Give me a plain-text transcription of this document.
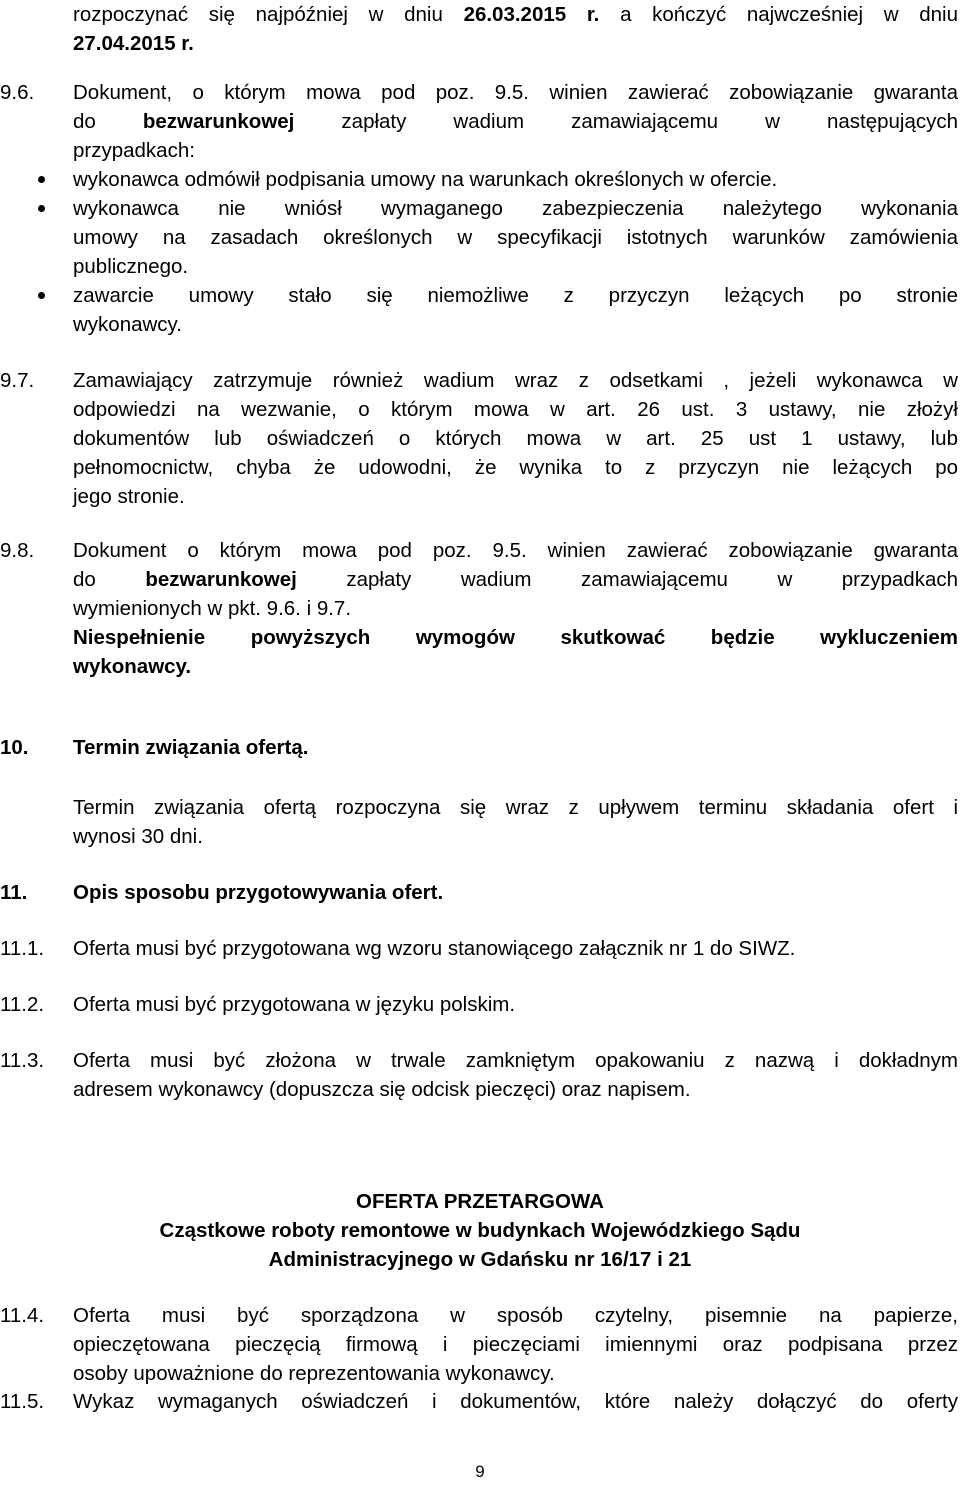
rozpoczynać się najpóźniej w dniu 26.03.2015 r. a kończyć najwcześniej w dniu
27.04.2015 r.
9.6. Dokument, o którym mowa pod poz. 9.5. winien zawierać zobowiązanie gwaranta
do bezwarunkowej zapłaty wadium zamawiającemu w następujących
przypadkach:
wykonawca odmówił podpisania umowy na warunkach określonych w ofercie.
wykonawca nie wniósł wymaganego zabezpieczenia należytego wykonania
umowy na zasadach określonych w specyfikacji istotnych warunków zamówienia
publicznego.
zawarcie umowy stało się niemożliwe z przyczyn leżących po stronie
wykonawcy.
9.7. Zamawiający zatrzymuje również wadium wraz z odsetkami , jeżeli wykonawca w
odpowiedzi na wezwanie, o którym mowa w art. 26 ust. 3 ustawy, nie złożył
dokumentów lub oświadczeń o których mowa w art. 25 ust 1 ustawy, lub
pełnomocnictw, chyba że udowodni, że wynika to z przyczyn nie leżących po
jego stronie.
9.8. Dokument o którym mowa pod poz. 9.5. winien zawierać zobowiązanie gwaranta
do bezwarunkowej zapłaty wadium zamawiającemu w przypadkach
wymienionych w pkt. 9.6. i 9.7.
Niespełnienie powyższych wymogów skutkować będzie wykluczeniem
wykonawcy.
10. Termin związania ofertą.
Termin związania ofertą rozpoczyna się wraz z upływem terminu składania ofert i
wynosi 30 dni.
11. Opis sposobu przygotowywania ofert.
11.1. Oferta musi być przygotowana wg wzoru stanowiącego załącznik nr 1 do SIWZ.
11.2. Oferta musi być przygotowana w języku polskim.
11.3. Oferta musi być złożona w trwale zamkniętym opakowaniu z nazwą i dokładnym
adresem wykonawcy (dopuszcza się odcisk pieczęci) oraz napisem.
OFERTA PRZETARGOWA
Cząstkowe roboty remontowe w budynkach Wojewódzkiego Sądu
Administracyjnego w Gdańsku nr 16/17 i 21
11.4. Oferta musi być sporządzona w sposób czytelny, pisemnie na papierze,
opieczętowana pieczęcią firmową i pieczęciami imiennymi oraz podpisana przez
osoby upoważnione do reprezentowania wykonawcy.
11.5. Wykaz wymaganych oświadczeń i dokumentów, które należy dołączyć do oferty
9
